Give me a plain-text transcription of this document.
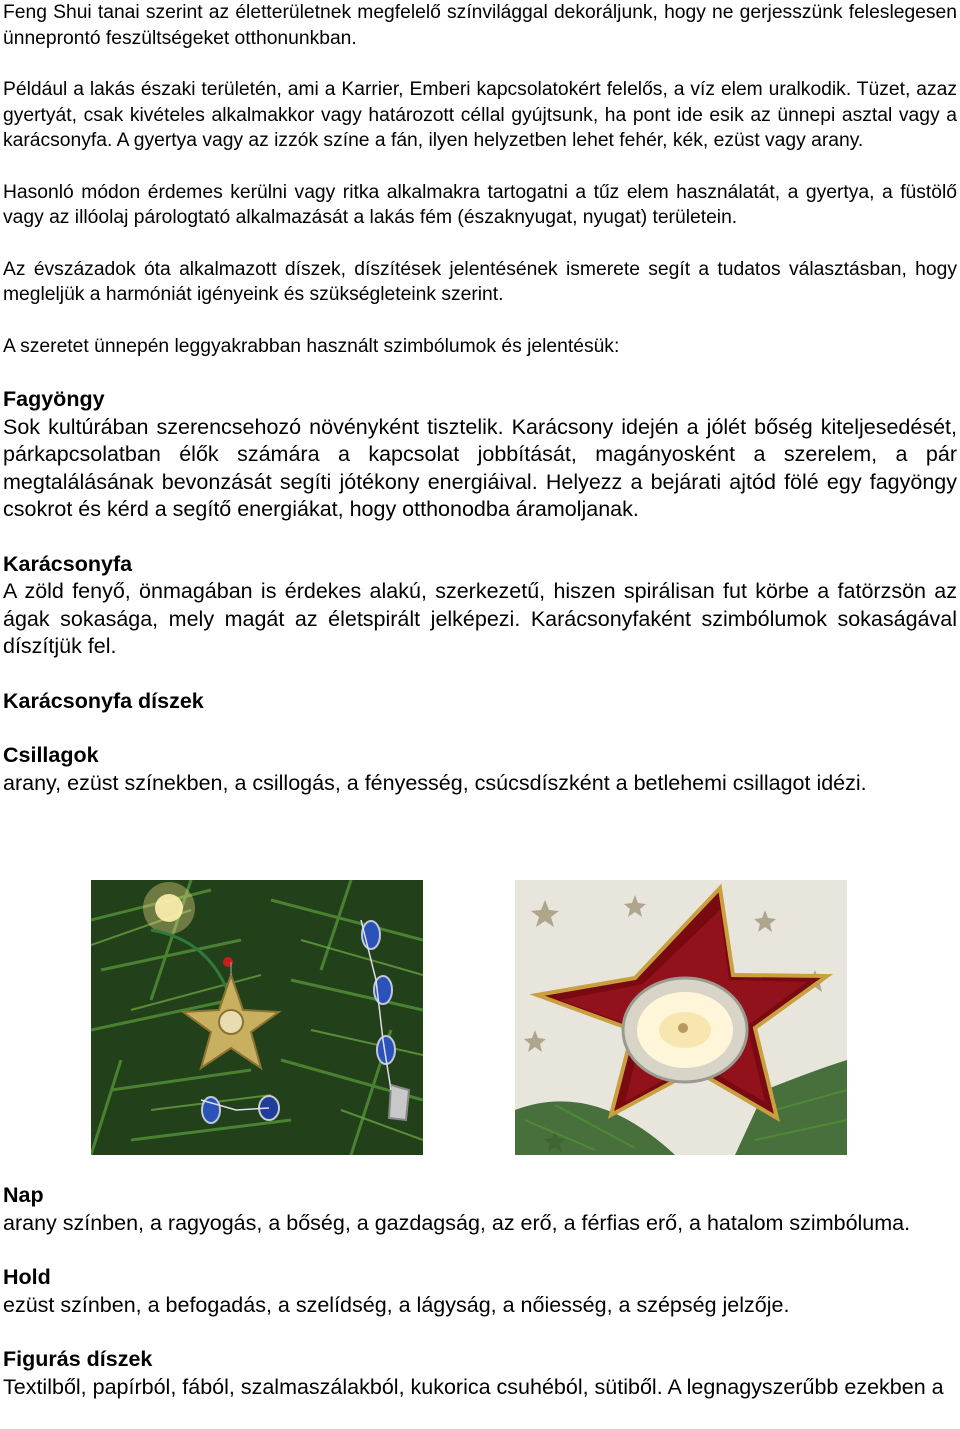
Feng Shui tanai szerint az életterületnek megfelelő színvilággal dekoráljunk, hogy ne gerjesszünk feleslegesen ünneprontó feszültségeket otthonunkban.

Például a lakás északi területén, ami a Karrier, Emberi kapcsolatokért felelős, a víz elem uralkodik. Tüzet, azaz gyertyát, csak kivételes alkalmakkor vagy határozott céllal gyújtsunk, ha pont ide esik az ünnepi asztal vagy a karácsonyfa. A gyertya vagy az izzók színe a fán, ilyen helyzetben lehet fehér, kék, ezüst vagy arany.

Hasonló módon érdemes kerülni vagy ritka alkalmakra tartogatni a tűz elem használatát, a gyertya, a füstölő vagy az illóolaj párologtató alkalmazását a lakás fém (északnyugat, nyugat) területein.

Az évszázadok óta alkalmazott díszek, díszítések jelentésének ismerete segít a tudatos választásban, hogy megleljük a harmóniát igényeink és szükségleteink szerint.

A szeretet ünnepén leggyakrabban használt szimbólumok és jelentésük:

Fagyöngy

Sok kultúrában szerencsehozó növényként tisztelik. Karácsony idején a jólét bőség kiteljesedését, párkapcsolatban élők számára a kapcsolat jobbítását, magányosként a szerelem, a pár megtalálásának bevonzását segíti jótékony energiáival. Helyezz a bejárati ajtód fölé egy fagyöngy csokrot és kérd a segítő energiákat, hogy otthonodba áramoljanak.

Karácsonyfa

A zöld fenyő, önmagában is érdekes alakú, szerkezetű, hiszen spirálisan fut körbe a fatörzsön az ágak sokasága, mely magát az életspirált jelképezi. Karácsonyfaként szimbólumok sokaságával díszítjük fel.

Karácsonyfa díszek
Csillagok

arany, ezüst színekben, a csillogás, a fényesség, csúcsdíszként a betlehemi csillagot idézi.

Nap

arany színben, a ragyogás, a bőség, a gazdagság, az erő, a férfias erő, a hatalom szimbóluma.

Hold

ezüst színben, a befogadás, a szelídség, a lágyság, a nőiesség, a szépség jelzője.

Figurás díszek

Textilből, papírból, fából, szalmaszálakból, kukorica csuhéból, sütiből. A legnagyszerűbb ezekben a
